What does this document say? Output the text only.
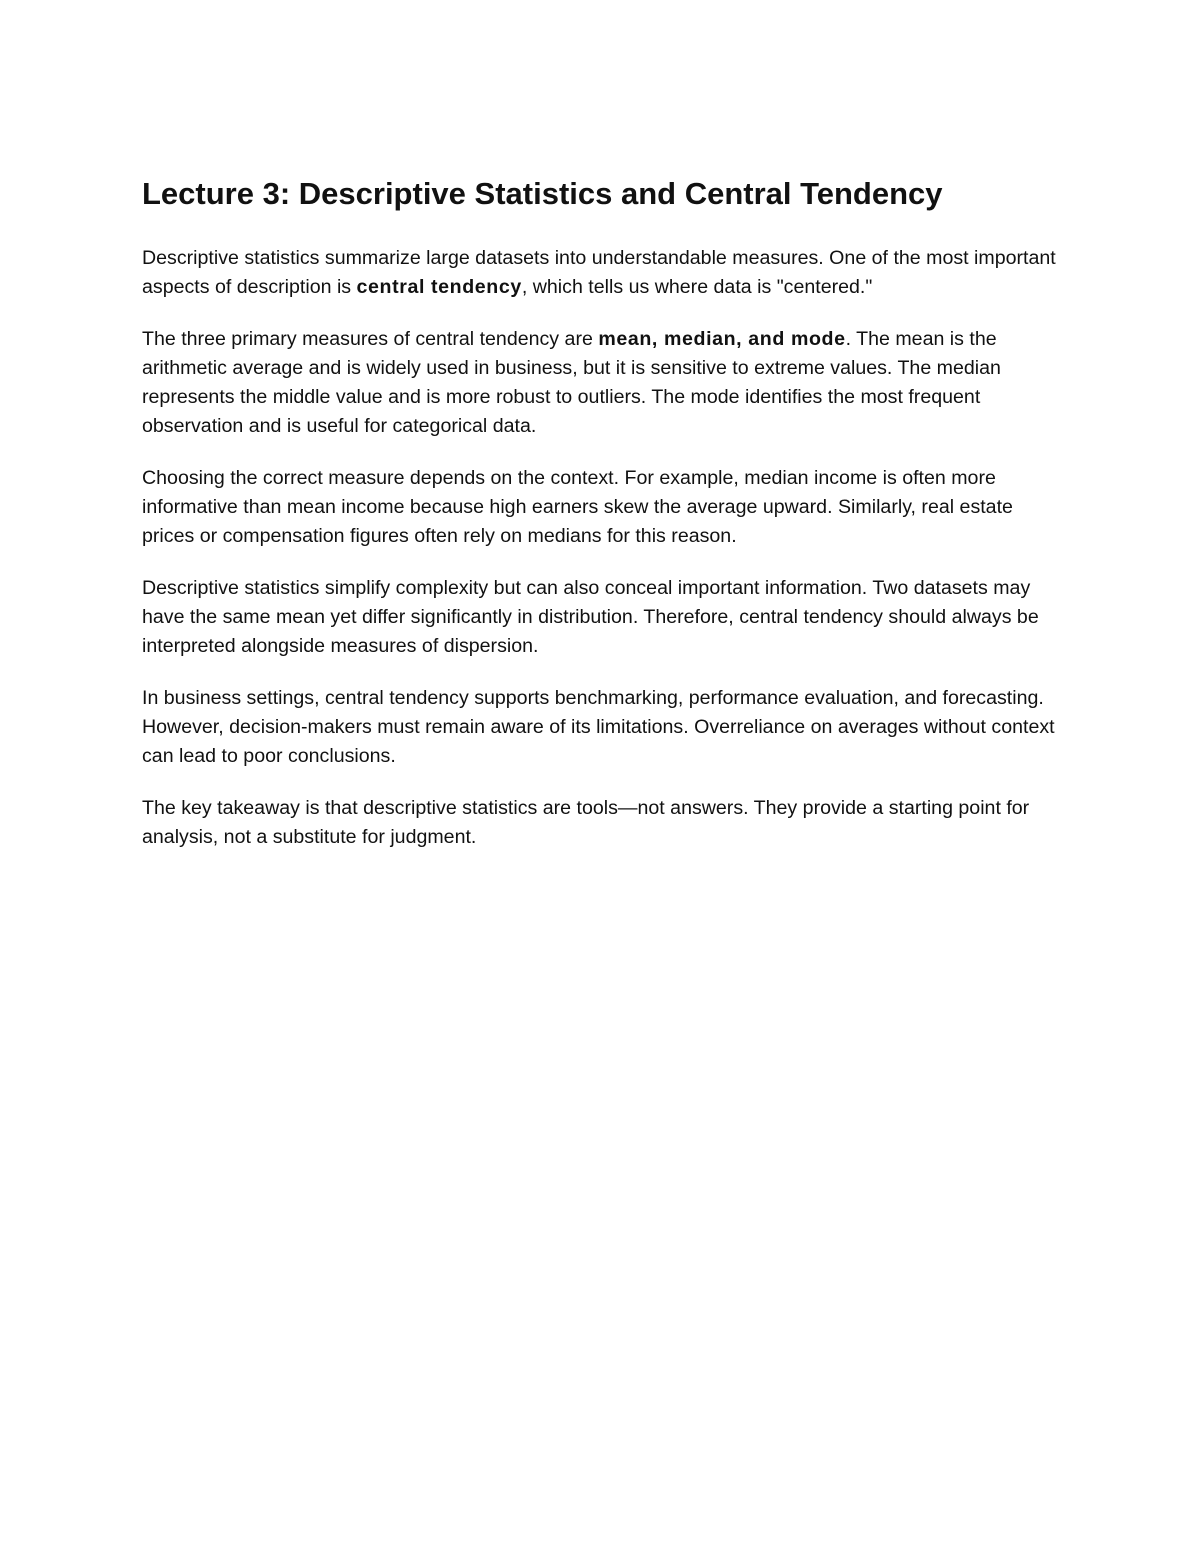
Lecture 3: Descriptive Statistics and Central Tendency

Descriptive statistics summarize large datasets into understandable measures. One of the most important aspects of description is central tendency, which tells us where data is "centered."

The three primary measures of central tendency are mean, median, and mode. The mean is the arithmetic average and is widely used in business, but it is sensitive to extreme values. The median represents the middle value and is more robust to outliers. The mode identifies the most frequent observation and is useful for categorical data.

Choosing the correct measure depends on the context. For example, median income is often more informative than mean income because high earners skew the average upward. Similarly, real estate prices or compensation figures often rely on medians for this reason.

Descriptive statistics simplify complexity but can also conceal important information. Two datasets may have the same mean yet differ significantly in distribution. Therefore, central tendency should always be interpreted alongside measures of dispersion.

In business settings, central tendency supports benchmarking, performance evaluation, and forecasting. However, decision-makers must remain aware of its limitations. Overreliance on averages without context can lead to poor conclusions.

The key takeaway is that descriptive statistics are tools—not answers. They provide a starting point for analysis, not a substitute for judgment.
